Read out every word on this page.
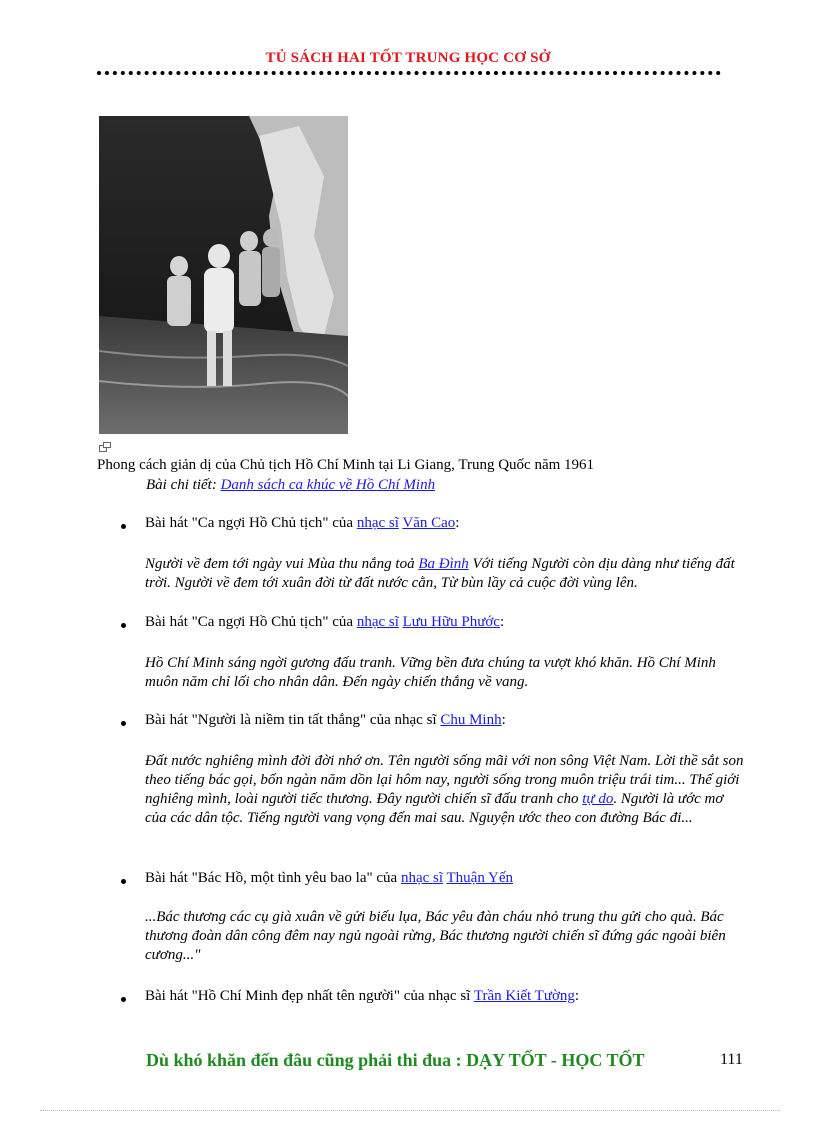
TỦ SÁCH HAI TỐT TRUNG HỌC CƠ SỞ
Phong cách giản dị của Chủ tịch Hồ Chí Minh tại Li Giang, Trung Quốc năm 1961
Bài chi tiết: Danh sách ca khúc về Hồ Chí Minh
Bài hát "Ca ngợi Hồ Chủ tịch" của nhạc sĩ Văn Cao:
Người về đem tới ngày vui Mùa thu nắng toả Ba Đình Với tiếng Người còn dịu dàng như tiếng đất trời. Người về đem tới xuân đời từ đất nước cằn, Từ bùn lầy cả cuộc đời vùng lên.
Bài hát "Ca ngợi Hồ Chủ tịch" của nhạc sĩ Lưu Hữu Phước:
Hồ Chí Minh sáng ngời gương đấu tranh. Vững bền đưa chúng ta vượt khó khăn. Hồ Chí Minh muôn năm chỉ lối cho nhân dân. Đến ngày chiến thắng về vang.
Bài hát "Người là niềm tin tất thắng" của nhạc sĩ Chu Minh:
Đất nước nghiêng mình đời đời nhớ ơn. Tên người sống mãi với non sông Việt Nam. Lời thề sắt son theo tiếng bác gọi, bốn ngàn năm dồn lại hôm nay, người sống trong muôn triệu trái tim... Thế giới nghiêng mình, loài người tiếc thương. Đây người chiến sĩ đấu tranh cho tự do. Người là ước mơ của các dân tộc. Tiếng người vang vọng đến mai sau. Nguyện ước theo con đường Bác đi...
Bài hát "Bác Hồ, một tình yêu bao la" của nhạc sĩ Thuận Yến
...Bác thương các cụ già xuân về gửi biếu lụa, Bác yêu đàn cháu nhỏ trung thu gửi cho quà. Bác thương đoàn dân công đêm nay ngủ ngoài rừng, Bác thương người chiến sĩ đứng gác ngoài biên cương..."
Bài hát "Hồ Chí Minh đẹp nhất tên người" của nhạc sĩ Trần Kiết Tường:
Dù khó khăn đến đâu cũng phải thi đua : DẠY TỐT - HỌC TỐT	111
